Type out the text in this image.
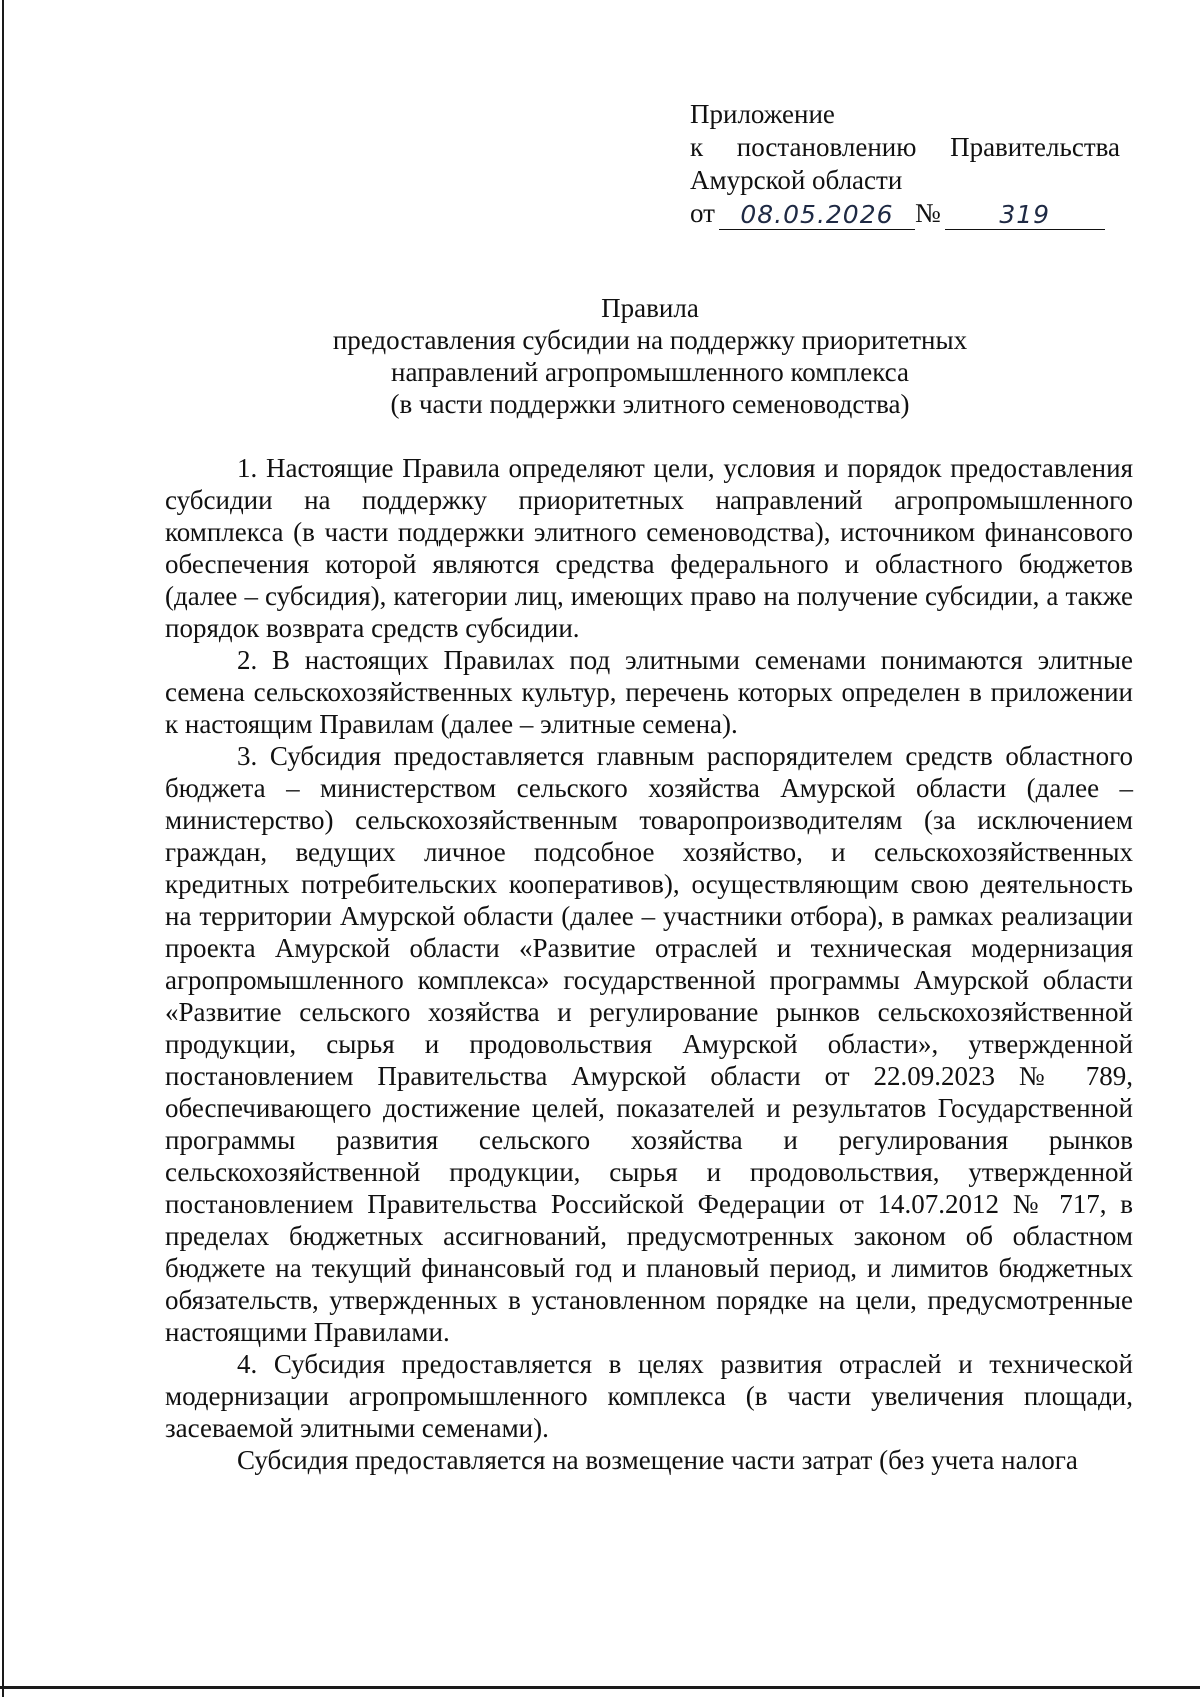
Приложение
к постановлению Правительства
Амурской области
от	08.05.2026 №	319
Правила
предоставления субсидии на поддержку приоритетных
направлений агропромышленного комплекса
(в части поддержки элитного семеноводства)

1. Настоящие Правила определяют цели, условия и порядок предоставления субсидии на поддержку приоритетных направлений агропромышленного комплекса (в части поддержки элитного семеноводства), источником финансового обеспечения которой являются средства федерального и областного бюджетов (далее – субсидия), категории лиц, имеющих право на получение субсидии, а также порядок возврата средств субсидии.

2. В настоящих Правилах под элитными семенами понимаются элитные семена сельскохозяйственных культур, перечень которых определен в приложении к настоящим Правилам (далее – элитные семена).

3. Субсидия предоставляется главным распорядителем средств областного бюджета – министерством сельского хозяйства Амурской области (далее – министерство) сельскохозяйственным товаропроизводителям (за исключением граждан, ведущих личное подсобное хозяйство, и сельскохозяйственных кредитных потребительских кооперативов), осуществляющим свою деятельность на территории Амурской области (далее – участники отбора), в рамках реализации проекта Амурской области «Развитие отраслей и техническая модернизация агропромышленного комплекса» государственной программы Амурской области «Развитие сельского хозяйства и регулирование рынков сельскохозяйственной продукции, сырья и продовольствия Амурской области», утвержденной постановлением Правительства Амурской области от 22.09.2023 № 789, обеспечивающего достижение целей, показателей и результатов Государственной программы развития сельского хозяйства и регулирования рынков сельскохозяйственной продукции, сырья и продовольствия, утвержденной постановлением Правительства Российской Федерации от 14.07.2012 № 717, в пределах бюджетных ассигнований, предусмотренных законом об областном бюджете на текущий финансовый год и плановый период, и лимитов бюджетных обязательств, утвержденных в установленном порядке на цели, предусмотренные настоящими Правилами.

4. Субсидия предоставляется в целях развития отраслей и технической модернизации агропромышленного комплекса (в части увеличения площади, засеваемой элитными семенами).

Субсидия предоставляется на возмещение части затрат (без учета налога
